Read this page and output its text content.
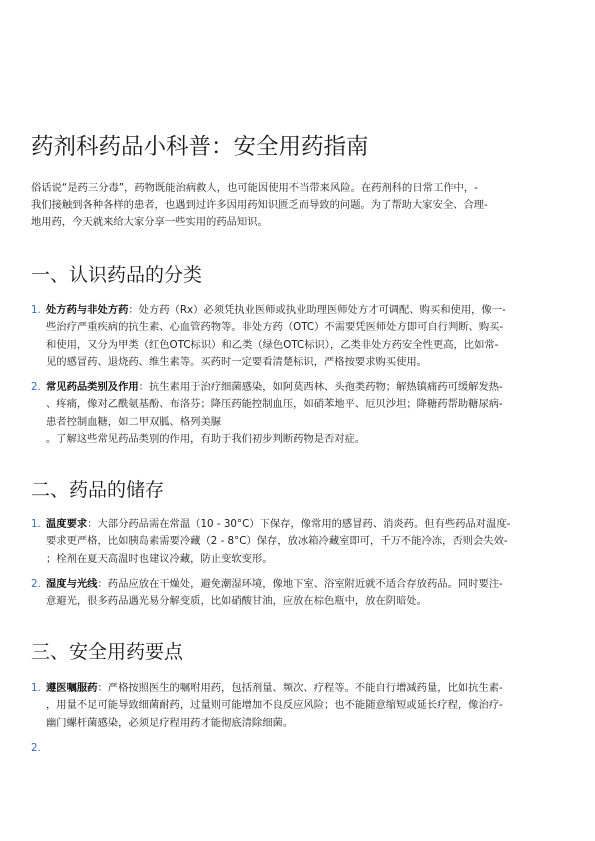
药剂科药品小科普：安全用药指南

俗话说“是药三分毒”，药物既能治病救人，也可能因使用不当带来风险。在药剂科的日常工作中，-
我们接触到各种各样的患者，也遇到过许多因用药知识匮乏而导致的问题。为了帮助大家安全、合理-
地用药，今天就来给大家分享一些实用的药品知识。

一、认识药品的分类
1. 处方药与非处方药：处方药（Rx）必须凭执业医师或执业助理医师处方才可调配、购买和使用，像一-
些治疗严重疾病的抗生素、心血管药物等。非处方药（OTC）不需要凭医师处方即可自行判断、购买-
和使用，又分为甲类（红色OTC标识）和乙类（绿色OTC标识），乙类非处方药安全性更高，比如常-
见的感冒药、退烧药、维生素等。买药时一定要看清楚标识，严格按要求购买使用。

2. 常见药品类别及作用：抗生素用于治疗细菌感染，如阿莫西林、头孢类药物；解热镇痛药可缓解发热-
、疼痛，像对乙酰氨基酚、布洛芬；降压药能控制血压，如硝苯地平、厄贝沙坦；降糖药帮助糖尿病-
患者控制血糖，如二甲双胍、格列美脲
。了解这些常见药品类别的作用，有助于我们初步判断药物是否对症。

二、药品的储存
1. 温度要求：大部分药品需在常温（10 - 30°C）下保存，像常用的感冒药、消炎药。但有些药品对温度-
要求更严格，比如胰岛素需要冷藏（2 - 8°C）保存，放冰箱冷藏室即可，千万不能冷冻，否则会失效-
；栓剂在夏天高温时也建议冷藏，防止变软变形。

2. 湿度与光线：药品应放在干燥处，避免潮湿环境，像地下室、浴室附近就不适合存放药品。同时要注-
意避光，很多药品遇光易分解变质，比如硝酸甘油，应放在棕色瓶中，放在阴暗处。

三、安全用药要点
1. 遵医嘱服药：严格按照医生的嘱咐用药，包括剂量、频次、疗程等。不能自行增减药量，比如抗生素-
，用量不足可能导致细菌耐药，过量则可能增加不良反应风险；也不能随意缩短或延长疗程，像治疗-
幽门螺杆菌感染，必须足疗程用药才能彻底清除细菌。

2.
